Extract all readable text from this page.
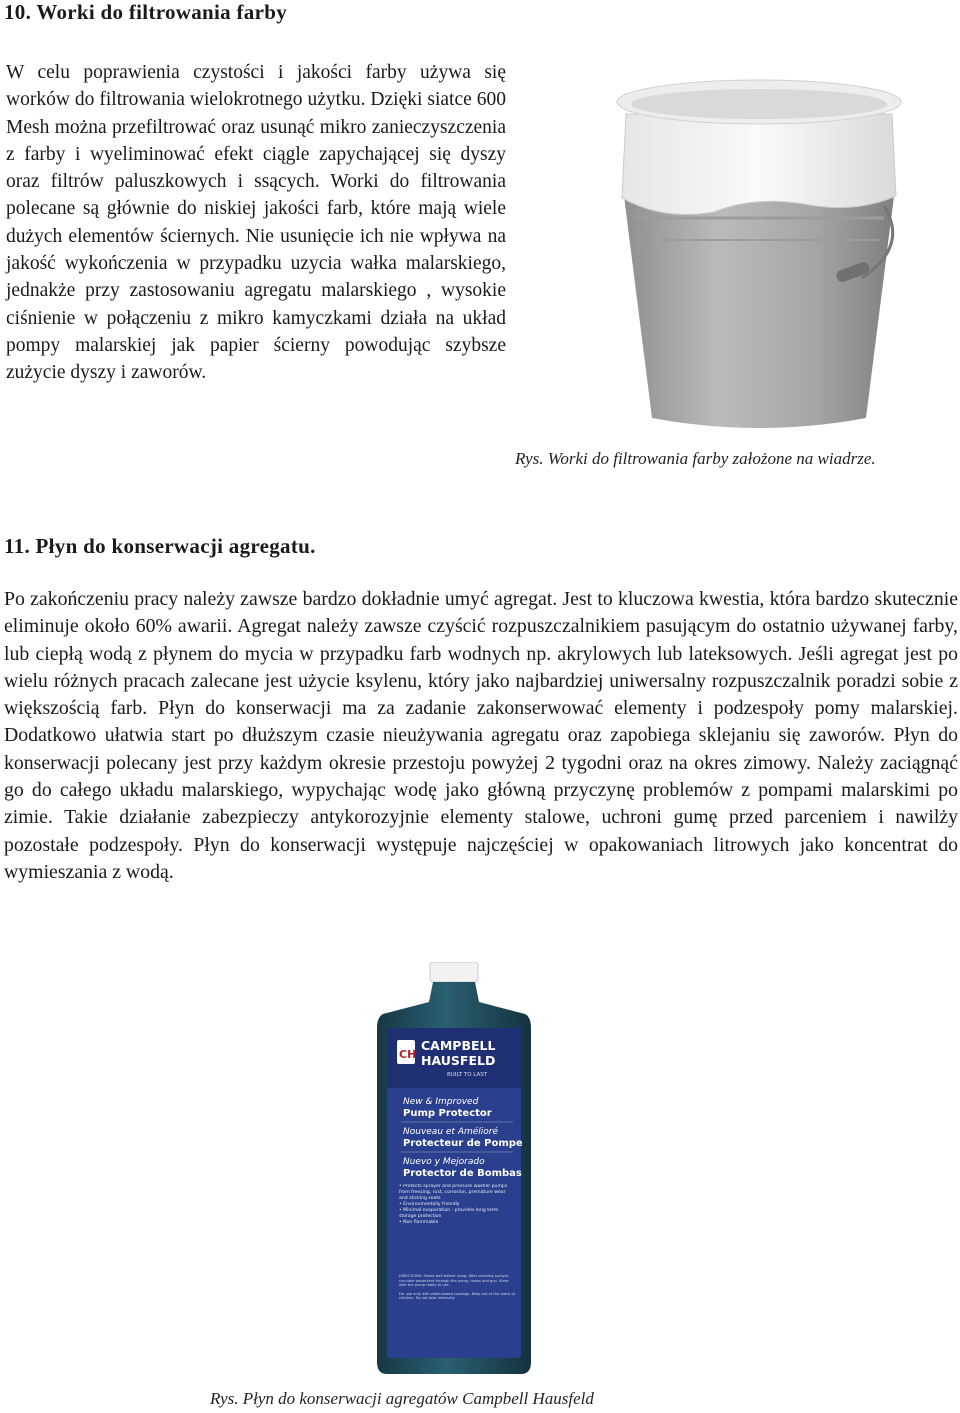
10. Worki do filtrowania farby

W celu poprawienia czystości i jakości farby używa się worków do filtrowania wielokrotnego użytku. Dzięki siatce 600 Mesh można przefiltrować oraz usunąć mikro zanieczyszczenia z farby i wyeliminować efekt ciągle zapychającej się dyszy oraz filtrów paluszkowych i ssących. Worki do filtrowania polecane są głównie do niskiej jakości farb, które mają wiele dużych elementów ściernych. Nie usunięcie ich nie wpływa na jakość wykończenia w przypadku uzycia wałka malarskiego, jednakże przy zastosowaniu agregatu malarskiego , wysokie ciśnienie w połączeniu z mikro kamyczkami działa na układ pompy malarskiej jak papier ścierny powodując szybsze zużycie dyszy i zaworów.

Rys. Worki do filtrowania farby założone na wiadrze.

11. Płyn do konserwacji agregatu.

Po zakończeniu pracy należy zawsze bardzo dokładnie umyć agregat. Jest to kluczowa kwestia, która bardzo skutecznie eliminuje około 60% awarii. Agregat należy zawsze czyścić rozpuszczalnikiem pasującym do ostatnio używanej farby, lub ciepłą wodą z płynem do mycia w przypadku farb wodnych np. akrylowych lub lateksowych. Jeśli agregat jest po wielu różnych pracach zalecane jest użycie ksylenu, który jako najbardziej uniwersalny rozpuszczalnik poradzi sobie z większością farb. Płyn do konserwacji ma za zadanie zakonserwować elementy i podzespoły pomy malarskiej. Dodatkowo ułatwia start po dłuższym czasie nieużywania agregatu oraz zapobiega sklejaniu się zaworów. Płyn do konserwacji polecany jest przy każdym okresie przestoju powyżej 2 tygodni oraz na okres zimowy. Należy zaciągnąć go do całego układu malarskiego, wypychając wodę jako główną przyczynę problemów z pompami malarskimi po zimie. Takie działanie zabezpieczy antykorozyjnie elementy stalowe, uchroni gumę przed parceniem i nawilży pozostałe podzespoły. Płyn do konserwacji występuje najczęściej w opakowaniach litrowych jako koncentrat do wymieszania z wodą.

CH
CAMPBELL
HAUSFELD
BUILT TO LAST
New & Improved
Pump Protector
Nouveau et Amélioré
Protecteur de Pompe
Nuevo y Mejorado
Protector de Bombas
• Protects sprayer and pressure washer pumps from freezing, rust, corrosion, premature wear and sticking seats
• Environmentally friendly
• Minimal evaporation - provides long term storage protection
• Non flammable
DIRECTIONS: Shake well before using. After cleaning sprayer, circulate protectant through the pump, hoses and gun. Store with the pump ready to use.
For use only with water-based coatings. Keep out of the reach of children. Do not take internally.

Rys. Płyn do konserwacji agregatów Campbell Hausfeld
